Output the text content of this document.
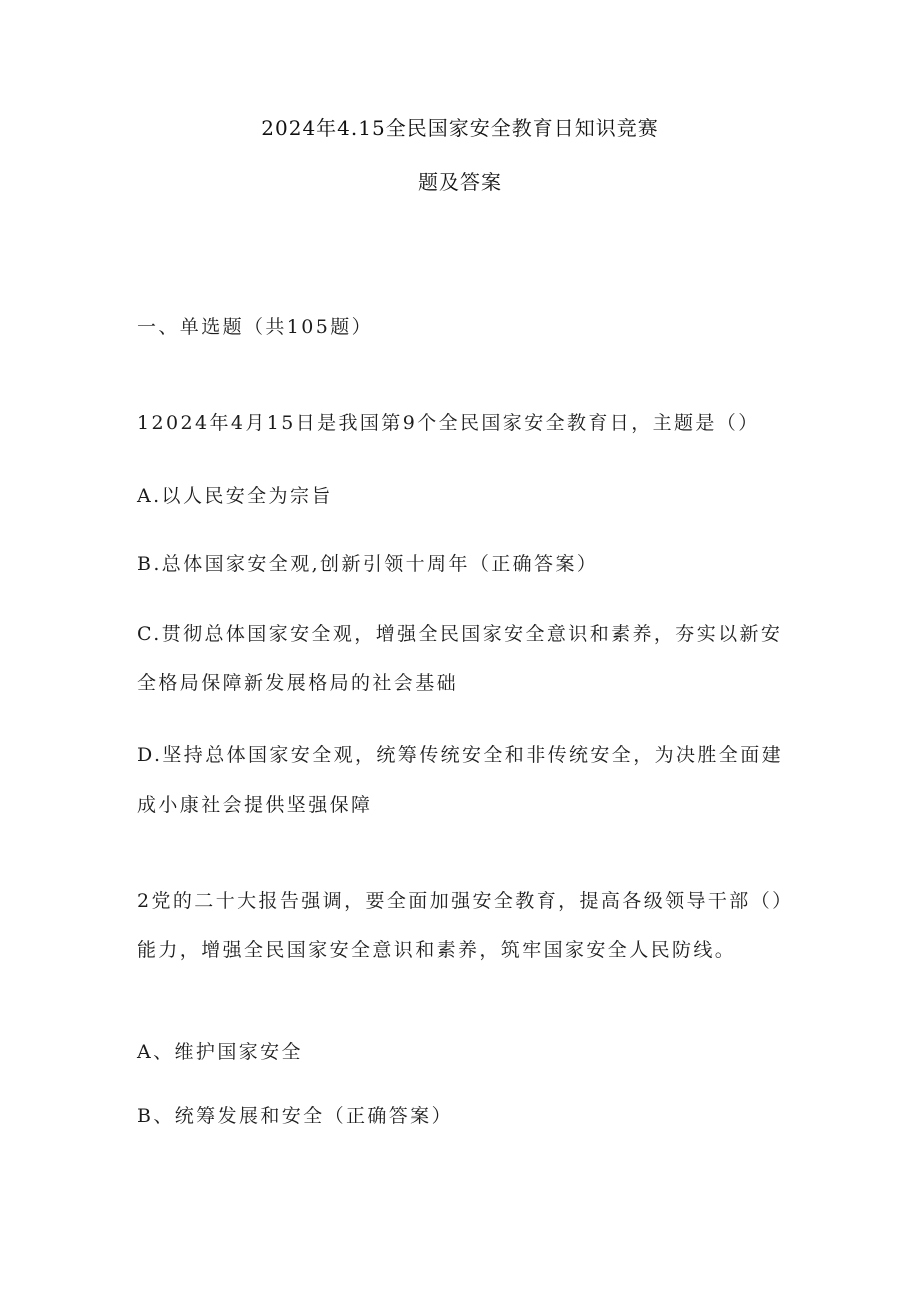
2024年4.15全民国家安全教育日知识竞赛
题及答案

一、单选题（共105题）

12024年4月15日是我国第9个全民国家安全教育日，主题是（）

A.以人民安全为宗旨

B.总体国家安全观,创新引领十周年（正确答案）

C.贯彻总体国家安全观，增强全民国家安全意识和素养，夯实以新安

全格局保障新发展格局的社会基础

D.坚持总体国家安全观，统筹传统安全和非传统安全，为决胜全面建

成小康社会提供坚强保障

2党的二十大报告强调，要全面加强安全教育，提高各级领导干部（）

能力，增强全民国家安全意识和素养，筑牢国家安全人民防线。

A、维护国家安全

B、统筹发展和安全（正确答案）
